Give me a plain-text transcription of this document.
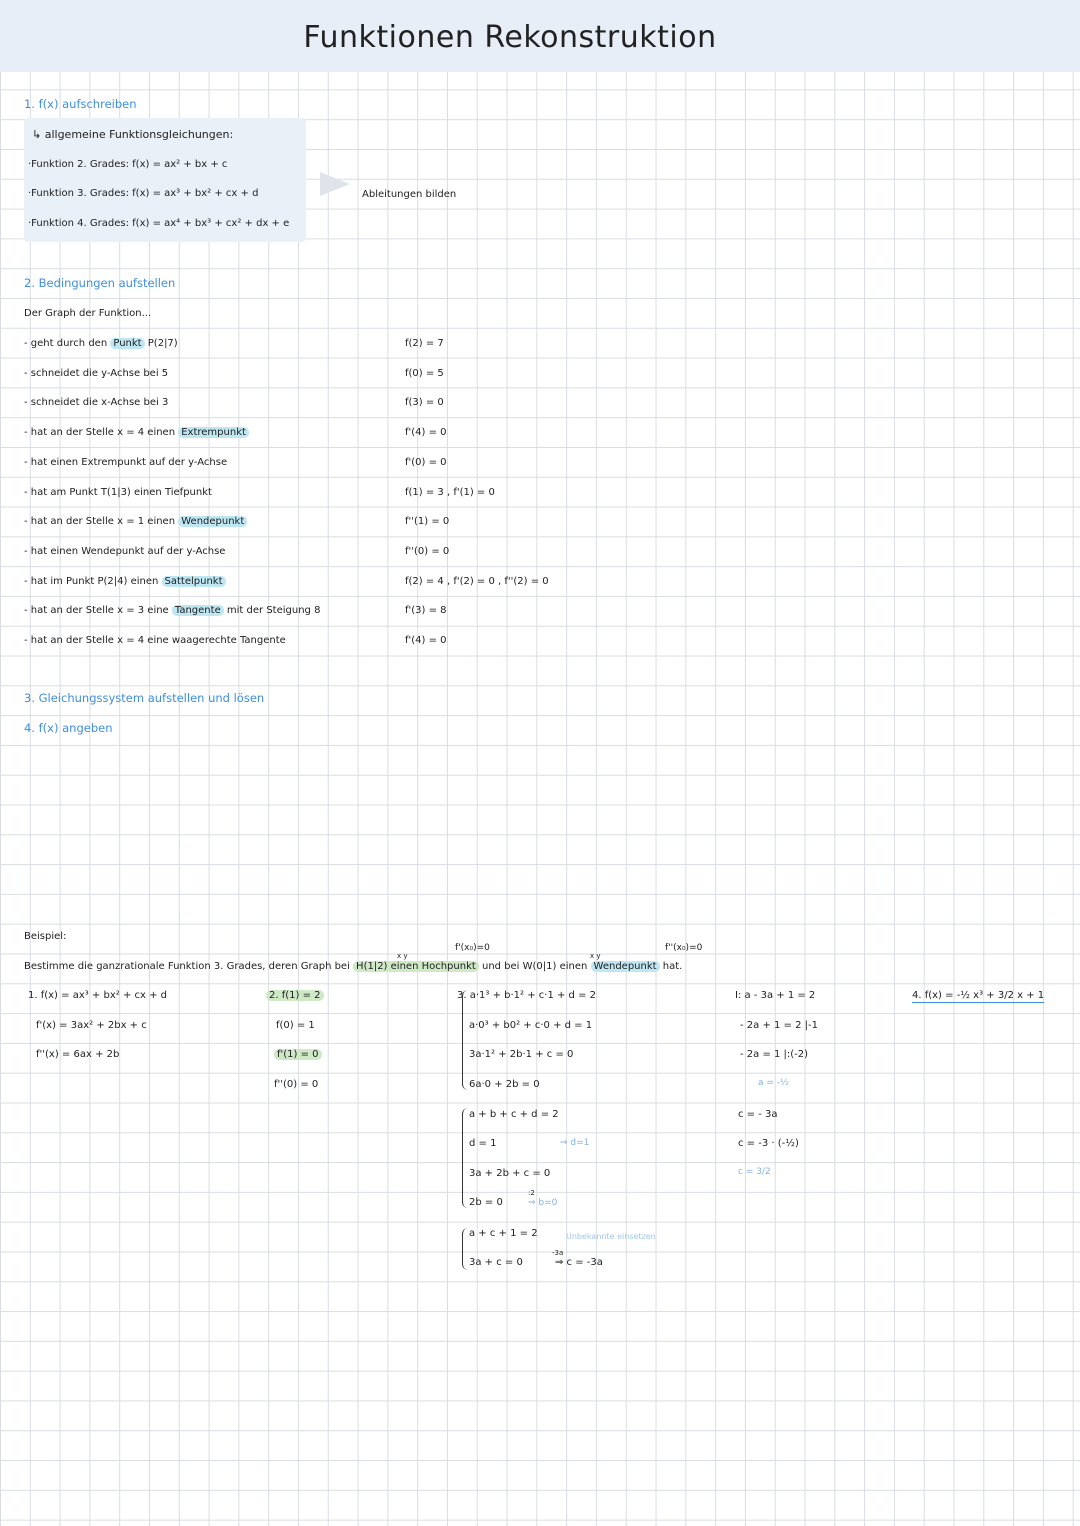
Funktionen Rekonstruktion
1. f(x) aufschreiben
↳ allgemeine Funktionsgleichungen:
·Funktion 2. Grades: f(x) = ax² + bx + c
·Funktion 3. Grades: f(x) = ax³ + bx² + cx + d
·Funktion 4. Grades: f(x) = ax⁴ + bx³ + cx² + dx + e
Ableitungen bilden
2. Bedingungen aufstellen
Der Graph der Funktion...
- geht durch den Punkt P(2|7)	f(2) = 7
- schneidet die y-Achse bei 5	f(0) = 5
- schneidet die x-Achse bei 3	f(3) = 0
- hat an der Stelle x = 4 einen Extrempunkt	f'(4) = 0
- hat einen Extrempunkt auf der y-Achse	f'(0) = 0
- hat am Punkt T(1|3) einen Tiefpunkt	f(1) = 3 , f'(1) = 0
- hat an der Stelle x = 1 einen Wendepunkt	f''(1) = 0
- hat einen Wendepunkt auf der y-Achse	f''(0) = 0
- hat im Punkt P(2|4) einen Sattelpunkt	f(2) = 4 , f'(2) = 0 , f''(2) = 0
- hat an der Stelle x = 3 eine Tangente mit der Steigung 8	f'(3) = 8
- hat an der Stelle x = 4 eine waagerechte Tangente	f'(4) = 0
3. Gleichungssystem aufstellen und lösen
4. f(x) angeben
Beispiel:
f'(x₀)=0
x y	x y
f''(x₀)=0
Bestimme die ganzrationale Funktion 3. Grades, deren Graph bei H(1|2) einen Hochpunkt und bei W(0|1) einen Wendepunkt hat.
1. f(x) = ax³ + bx² + cx + d
f'(x) = 3ax² + 2bx + c
f''(x) = 6ax + 2b
2. f(1) = 2
f(0) = 1
f'(1) = 0
f''(0) = 0
3. a·1³ + b·1² + c·1 + d = 2
a·0³ + b0² + c·0 + d = 1
3a·1² + 2b·1 + c = 0
6a·0 + 2b = 0
a + b + c + d = 2
d = 1	⇒ d=1
3a + 2b + c = 0
2b = 0
:2
⇒ b=0
a + c + 1 = 2	Unbekannte einsetzen
-3a
3a + c = 0	⇒ c = -3a
I: a - 3a + 1 = 2
- 2a + 1 = 2 |-1
- 2a = 1 |:(-2)
a = -½
c = - 3a
c = -3 · (-½)
c = 3/2
4. f(x) = -½ x³ + 3/2 x + 1
